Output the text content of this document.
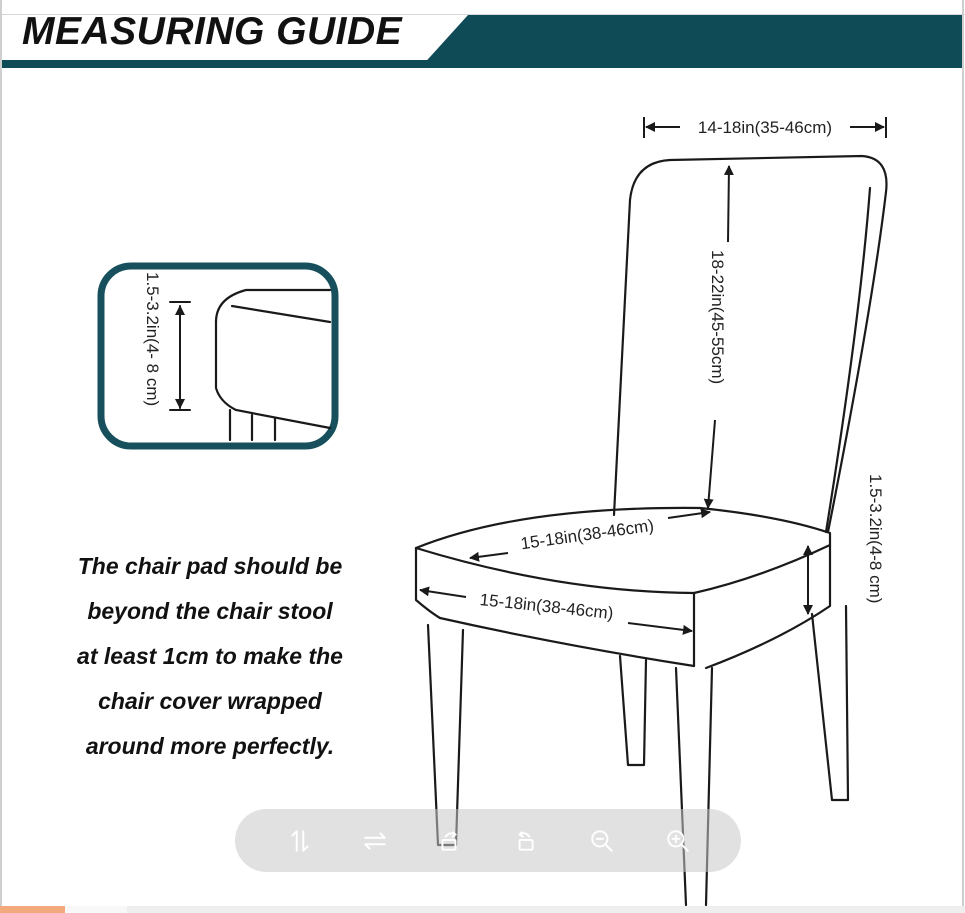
MEASURING GUIDE
14-18in(35-46cm)
18-22in(45-55cm)
15-18in(38-46cm)
15-18in(38-46cm)
1.5-3.2in(4-8 cm)
1.5-3.2in(4- 8 cm)
The chair pad should be
beyond the chair stool
at least 1cm to make the
chair cover wrapped
around more perfectly.
